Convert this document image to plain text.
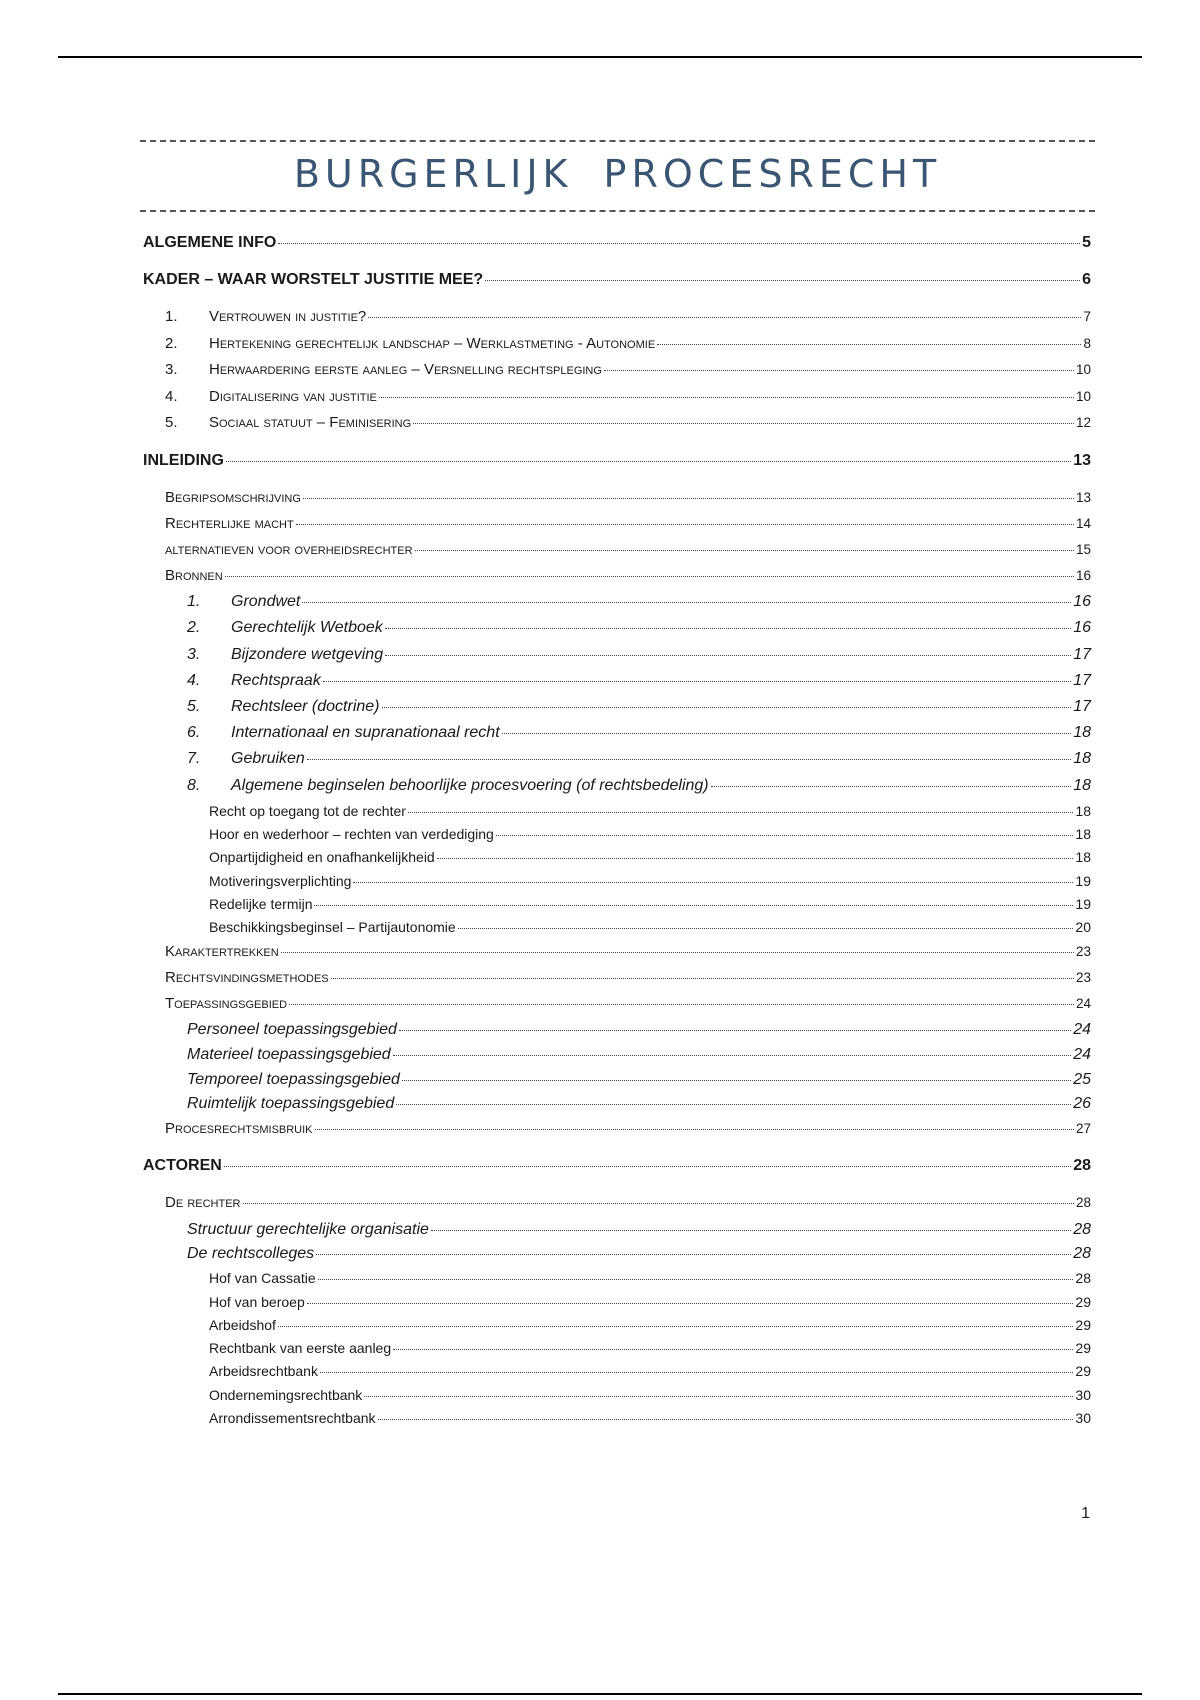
BURGERLIJK PROCESRECHT
ALGEMENE INFO	5
KADER – WAAR WORSTELT JUSTITIE MEE?	6
1.	Vertrouwen in justitie?	7
2.	Hertekening gerechtelijk landschap – Werklastmeting - Autonomie	8
3.	Herwaardering eerste aanleg – Versnelling rechtspleging	10
4.	Digitalisering van justitie	10
5.	Sociaal statuut – Feminisering	12
INLEIDING	13
Begripsomschrijving	13
Rechterlijke macht	14
alternatieven voor overheidsrechter	15
Bronnen	16
1.	Grondwet	16
2.	Gerechtelijk Wetboek	16
3.	Bijzondere wetgeving	17
4.	Rechtspraak	17
5.	Rechtsleer (doctrine)	17
6.	Internationaal en supranationaal recht	18
7.	Gebruiken	18
8.	Algemene beginselen behoorlijke procesvoering (of rechtsbedeling)	18
Recht op toegang tot de rechter	18
Hoor en wederhoor – rechten van verdediging	18
Onpartijdigheid en onafhankelijkheid	18
Motiveringsverplichting	19
Redelijke termijn	19
Beschikkingsbeginsel – Partijautonomie	20
Karaktertrekken	23
Rechtsvindingsmethodes	23
Toepassingsgebied	24
Personeel toepassingsgebied	24
Materieel toepassingsgebied	24
Temporeel toepassingsgebied	25
Ruimtelijk toepassingsgebied	26
Procesrechtsmisbruik	27
ACTOREN	28
De rechter	28
Structuur gerechtelijke organisatie	28
De rechtscolleges	28
Hof van Cassatie	28
Hof van beroep	29
Arbeidshof	29
Rechtbank van eerste aanleg	29
Arbeidsrechtbank	29
Ondernemingsrechtbank	30
Arrondissementsrechtbank	30
1
